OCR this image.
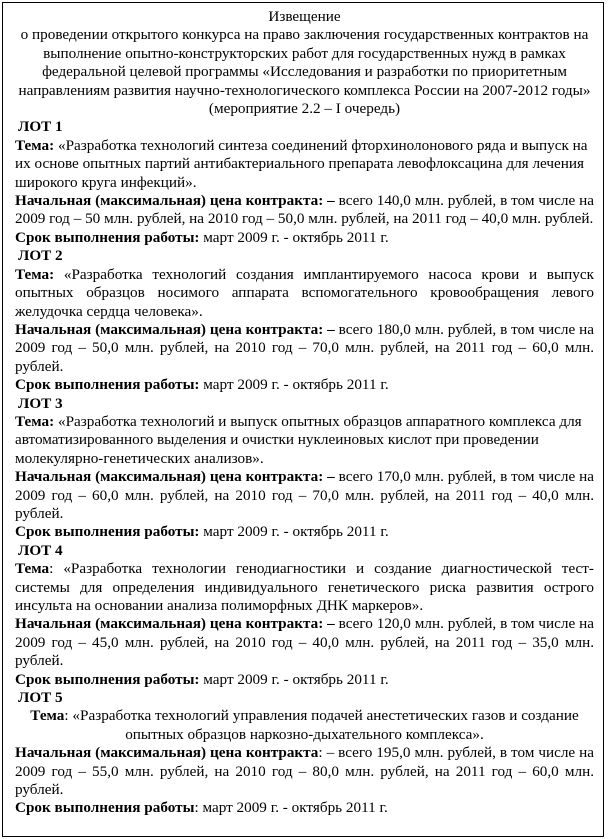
Извещение
о проведении открытого конкурса на право заключения государственных контрактов на выполнение опытно-конструкторских работ для государственных нужд в рамках федеральной целевой программы «Исследования и разработки по приоритетным направлениям развития научно-технологического комплекса России на 2007-2012 годы» (мероприятие 2.2 – I очередь)
ЛОТ 1
Тема: «Разработка технологий синтеза соединений фторхинолонового ряда и выпуск на их основе опытных партий антибактериального препарата левофлоксацина для лечения широкого круга инфекций».
Начальная (максимальная) цена контракта: – всего 140,0 млн. рублей, в том числе на 2009 год – 50 млн. рублей, на 2010 год – 50,0 млн. рублей, на 2011 год – 40,0 млн. рублей.
Срок выполнения работы: март 2009 г. - октябрь 2011 г.
ЛОТ 2
Тема: «Разработка технологий создания имплантируемого насоса крови и выпуск опытных образцов носимого аппарата вспомогательного кровообращения левого желудочка сердца человека».
Начальная (максимальная) цена контракта: – всего 180,0 млн. рублей, в том числе на 2009 год – 50,0 млн. рублей, на 2010 год – 70,0 млн. рублей, на 2011 год – 60,0 млн. рублей.
Срок выполнения работы: март 2009 г. - октябрь 2011 г.
ЛОТ 3
Тема: «Разработка технологий и выпуск опытных образцов аппаратного комплекса для автоматизированного выделения и очистки нуклеиновых кислот при проведении молекулярно-генетических анализов».
Начальная (максимальная) цена контракта: – всего 170,0 млн. рублей, в том числе на 2009 год – 60,0 млн. рублей, на 2010 год – 70,0 млн. рублей, на 2011 год – 40,0 млн. рублей.
Срок выполнения работы: март 2009 г. - октябрь 2011 г.
ЛОТ 4
Тема: «Разработка технологии генодиагностики и создание диагностической тест-системы для определения индивидуального генетического риска развития острого инсульта на основании анализа полиморфных ДНК маркеров».
Начальная (максимальная) цена контракта: – всего 120,0 млн. рублей, в том числе на 2009 год – 45,0 млн. рублей, на 2010 год – 40,0 млн. рублей, на 2011 год – 35,0 млн. рублей.
Срок выполнения работы: март 2009 г. - октябрь 2011 г.
ЛОТ 5
Тема: «Разработка технологий управления подачей анестетических газов и создание опытных образцов наркозно-дыхательного комплекса».
Начальная (максимальная) цена контракта: – всего 195,0 млн. рублей, в том числе на 2009 год – 55,0 млн. рублей, на 2010 год – 80,0 млн. рублей, на 2011 год – 60,0 млн. рублей.
Срок выполнения работы: март 2009 г. - октябрь 2011 г.
